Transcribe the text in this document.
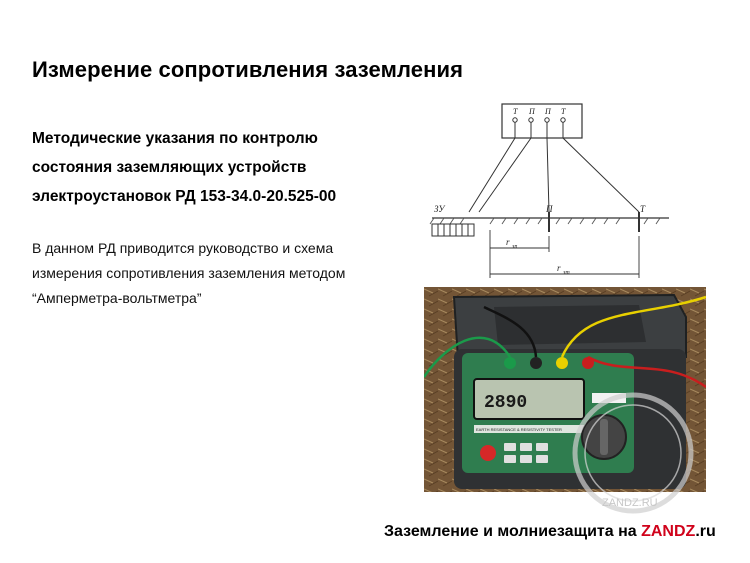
Измерение сопротивления заземления
Методические указания по контролю
состояния заземляющих устройств
электроустановок РД 153-34.0-20.525-00
В данном РД приводится руководство и схема
измерения сопротивления заземления методом
“Амперметра-вольтметра”
Т П П Т
ЗУ	П	Т
r зп
r зт
2890
EARTH RESISTANCE & RESISTIVITY TESTER
ZANDZ.RU
Заземление и молниезащита на ZANDZ.ru
